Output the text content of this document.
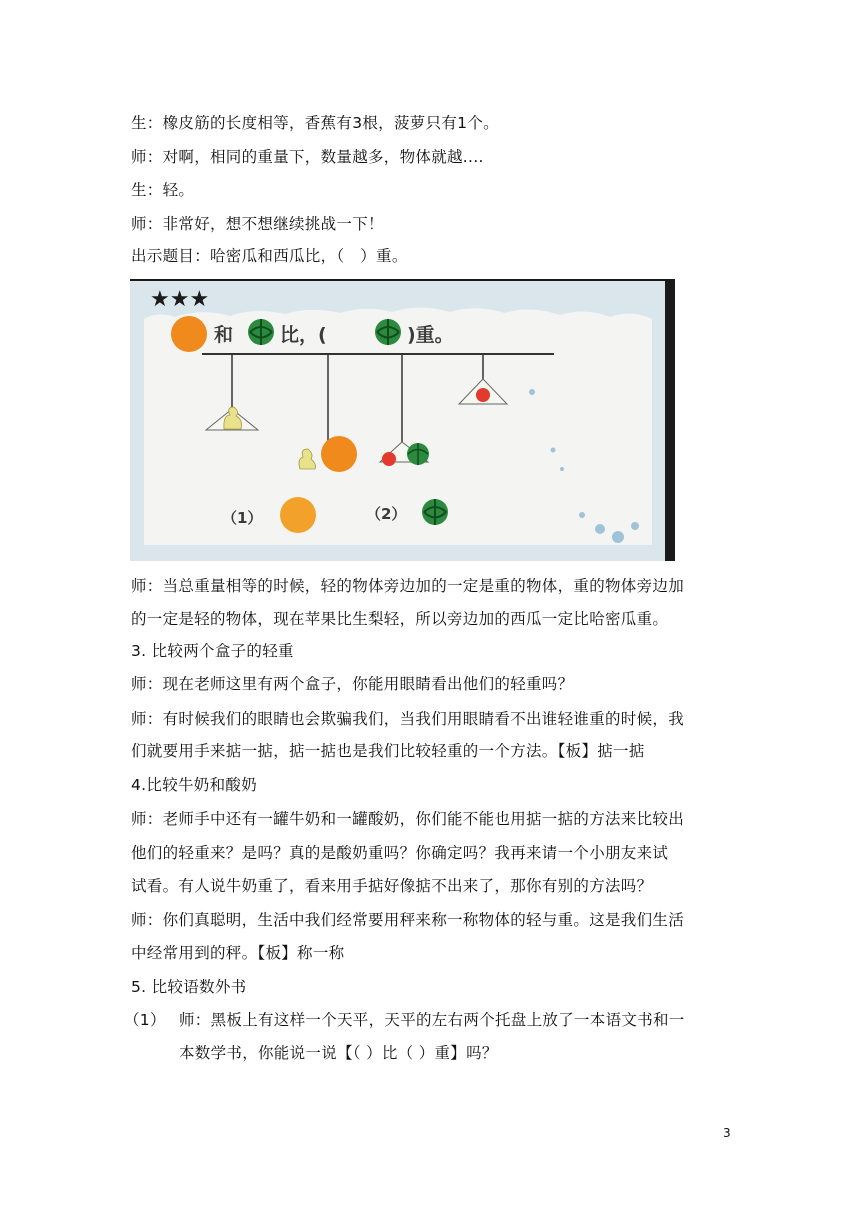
生：橡皮筋的长度相等，香蕉有3根，菠萝只有1个。
师：对啊，相同的重量下，数量越多，物体就越....
生：轻。
师：非常好，想不想继续挑战一下！
出示题目：哈密瓜和西瓜比，（　）重。
★★★
和 比，(	)重。
（1）	（2）
师：当总重量相等的时候，轻的物体旁边加的一定是重的物体，重的物体旁边加
的一定是轻的物体，现在苹果比生梨轻，所以旁边加的西瓜一定比哈密瓜重。
3. 比较两个盒子的轻重
师：现在老师这里有两个盒子，你能用眼睛看出他们的轻重吗？
师：有时候我们的眼睛也会欺骗我们，当我们用眼睛看不出谁轻谁重的时候，我
们就要用手来掂一掂，掂一掂也是我们比较轻重的一个方法。【板】掂一掂
4.比较牛奶和酸奶
师：老师手中还有一罐牛奶和一罐酸奶，你们能不能也用掂一掂的方法来比较出
他们的轻重来？是吗？真的是酸奶重吗？你确定吗？我再来请一个小朋友来试
试看。有人说牛奶重了，看来用手掂好像掂不出来了，那你有别的方法吗？
师：你们真聪明，生活中我们经常要用秤来称一称物体的轻与重。这是我们生活
中经常用到的秤。【板】称一称
5. 比较语数外书
（1） 师：黑板上有这样一个天平，天平的左右两个托盘上放了一本语文书和一
本数学书，你能说一说【（ ）比（ ）重】吗？
3
